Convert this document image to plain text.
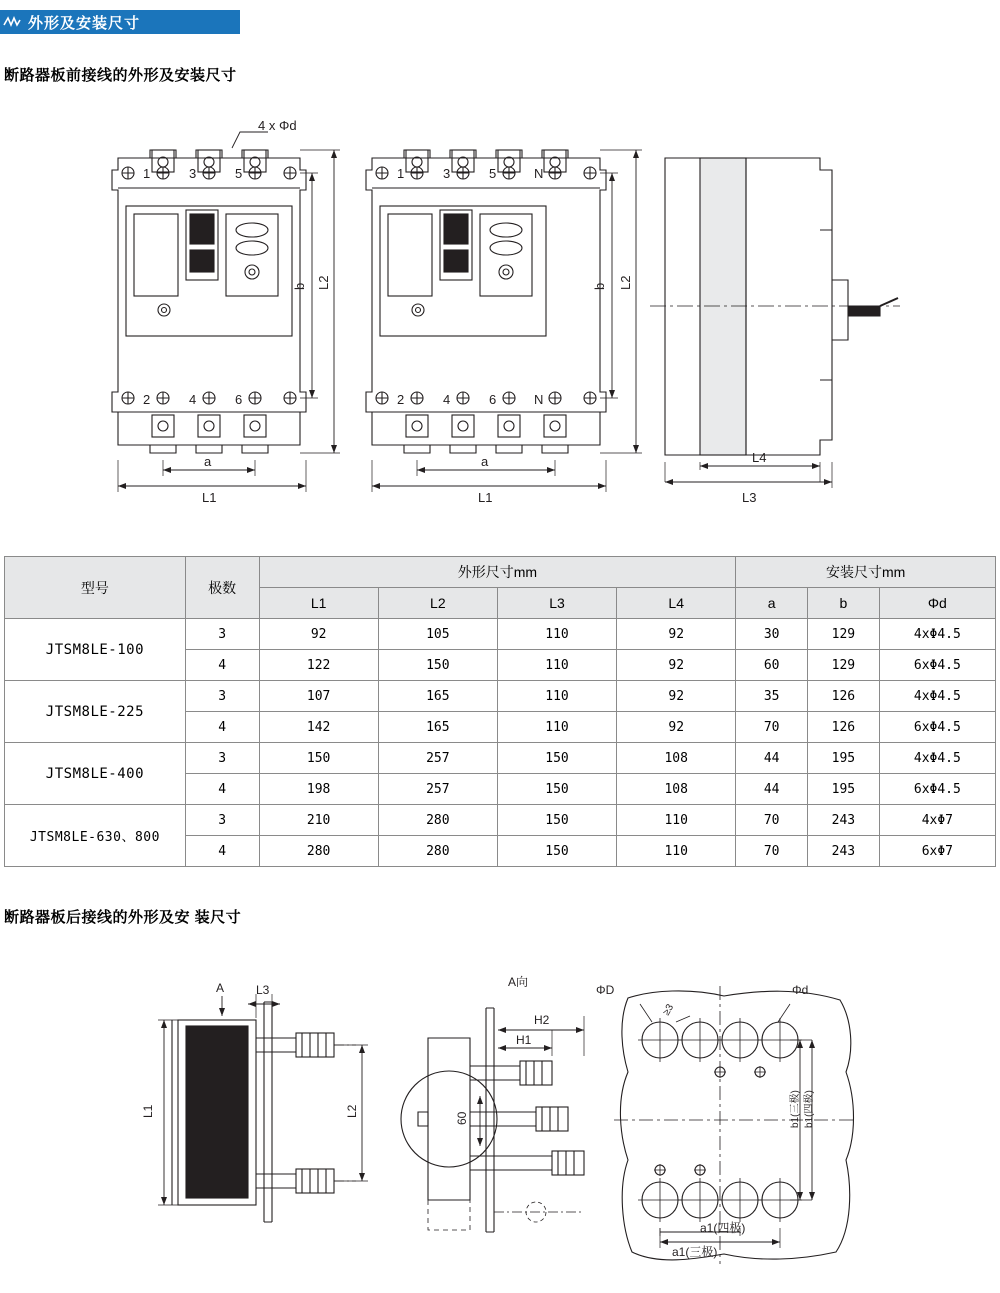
外形及安装尺寸
断路器板前接线的外形及安装尺寸
4 x Φd
1	3	5
2	4	6
1	3	5	N
2	4	6	N
a
L1
a
L1
L4
L3
b L2	b L2
型号	极数	外形尺寸mm				安装尺寸mm		
		L1	L2	L3	L4	a	b	Φd
JTSM8LE-100	3	92	105	110	92	30	129	4xΦ4.5
	4	122	150	110	92	60	129	6xΦ4.5
JTSM8LE-225	3	107	165	110	92	35	126	4xΦ4.5
	4	142	165	110	92	70	126	6xΦ4.5
JTSM8LE-400	3	150	257	150	108	44	195	4xΦ4.5
	4	198	257	150	108	44	195	6xΦ4.5
JTSM8LE-630、800	3	210	280	150	110	70	243	4xΦ7
	4	280	280	150	110	70	243	6xΦ7
断路器板后接线的外形及安 装尺寸
A	L3
L1	L2
A向
H1
H2
60
ΦD	Φd
≥3
a1(三极)
a1(四极)
b1(三极) b1(四极)
